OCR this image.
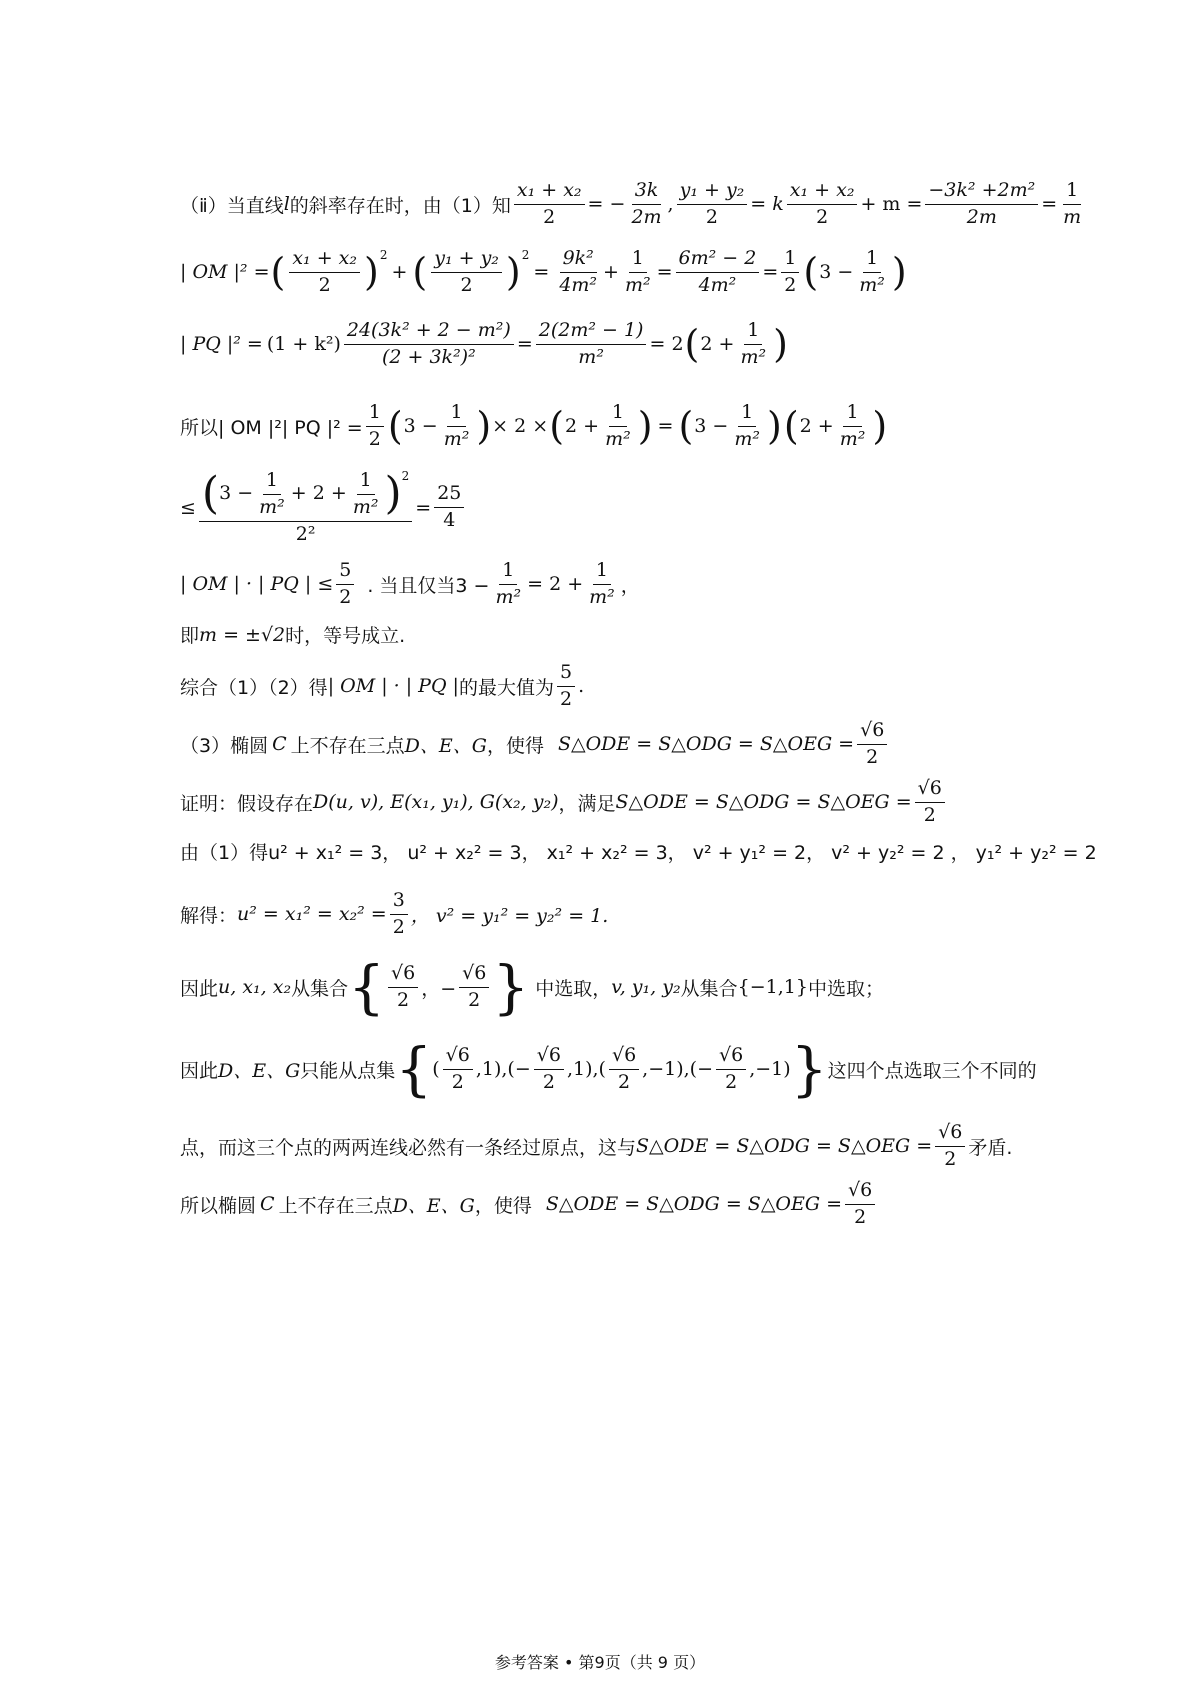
（ⅱ）当直线 l 的斜率存在时，由（1）知 $\frac{\text{x₁ + x₂}}{2}$ = − $\frac{3k}{2m}$ , $\frac{\text{y₁ + y₂}}{2} = k \frac{\text{x₁ + x₂}}{2} + m = \frac{\text{−3k² +2m²}}{2m} = \frac{1}{m}$
| OM |² = ( $\frac{\text{x₁ + x₂}}{2} )^2$
+ ( $\frac{\text{y₁ + y₂}}{2} )^2$
= $\frac{\text{9k²}}{\text{4m²}} + \frac{1}{\text{m²}} = \frac{\text{6m² − 2}}{\text{4m²}} = \frac{1}{2}$ ( $3 - \frac{1}{\text{m²}}$ )
| PQ $|^2 = (1 + k^2) \frac{\text{24(3k² + 2 − m²)}}{\text{(2 + 3k²)²}} = \frac{\text{2(2m² − 1)}}{\text{m²}} = 2$ ( $2 + \frac{1}{\text{m²}}$ )
所以| OM |²| PQ $|^2 = \frac{1}{2}$ ( $3 - \frac{1}{\text{m²}}$ ) × 2 × ( $2 + \frac{1}{\text{m²}}$ ) = ( $3 - \frac{1}{\text{m²}}$ ) ( $2 + \frac{1}{\text{m²}}$ )
≤ ( $3 - \frac{1}{\text{m²}} + 2 + \frac{1}{\text{m²}} )^2$
2²
= $\frac{25}{4}$
| OM | · | PQ | ≤ $\frac{5}{2}$ . 当且仅当$3 - \frac{1}{\text{m²}} = 2 + \frac{1}{\text{m²}}$ ，
即 m = ±√2 时，等号成立.
综合（1）（2）得 | OM | · | PQ | 的最大值为 $\frac{5}{2}$ .
（3）椭圆 C 上不存在三点 D、E、G ，使得 S△ODE = S△ODG = S△OEG = $\frac{√6}{2}$
证明：假设存在 D(u, v), E(x₁, y₁), G(x₂, y₂) ，满足 S△ODE = S△ODG = S△OEG = $\frac{√6}{2}$
由（1）得u² + x₁² = 3， u² + x₂² = 3， x₁² + x₂² = 3， v² + y₁² = 2， v² + y₂² = 2 ， y₁² + y₂² = 2
解得： $u^2 = x_1^2 = x_2^2 = \frac{3}{2}$ ， v² = y₁² = y₂² = 1.
因此 u, x₁, x₂ 从集合 { $\frac{√6}{2}$ ，− $\frac{√6}{2}$ } 中选取， v, y₁, y₂ 从集合 {−1,1} 中选取；
因此 D、E、G 只能从点集 { ( $\frac{√6}{2} ,1),(- \frac{√6}{2} ,1),( \frac{√6}{2} ,-1),(- \frac{√6}{2} ,-1)$ } 这四个点选取三个不同的
点，而这三个点的两两连线必然有一条经过原点，这与 S△ODE = S△ODG = S△OEG = $\frac{√6}{2}$ 矛盾.
所以椭圆 C 上不存在三点 D、E、G ，使得 S△ODE = S△ODG = S△OEG = $\frac{√6}{2}$
参考答案 • 第9页（共 9 页）
